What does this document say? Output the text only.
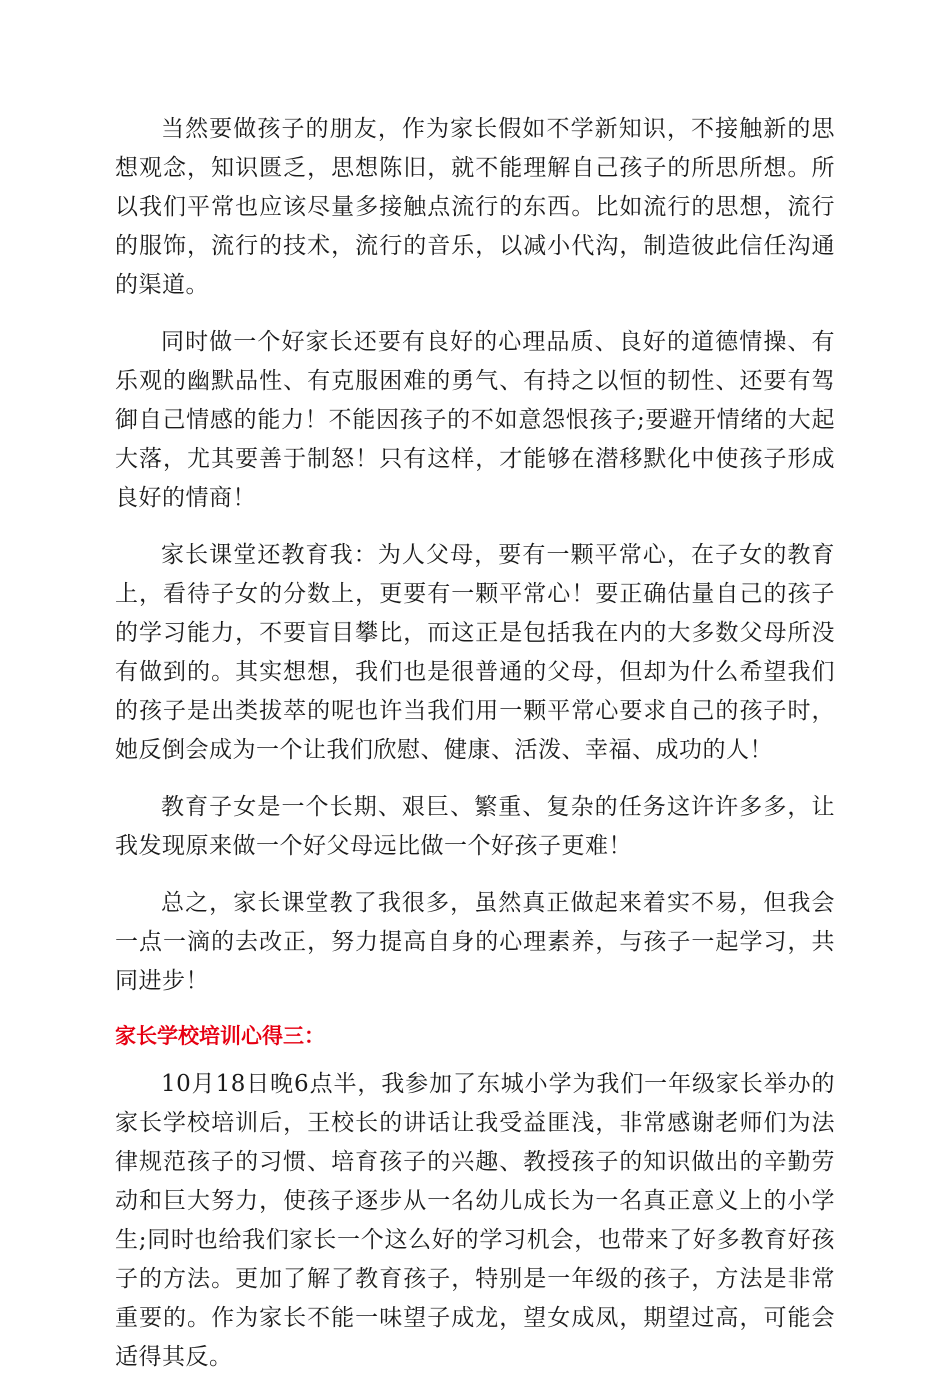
当然要做孩子的朋友，作为家长假如不学新知识，不接触新的思想观念，知识匮乏，思想陈旧，就不能理解自己孩子的所思所想。所以我们平常也应该尽量多接触点流行的东西。比如流行的思想，流行的服饰，流行的技术，流行的音乐，以减小代沟，制造彼此信任沟通的渠道。

同时做一个好家长还要有良好的心理品质、良好的道德情操、有乐观的幽默品性、有克服困难的勇气、有持之以恒的韧性、还要有驾御自己情感的能力！不能因孩子的不如意怨恨孩子;要避开情绪的大起大落，尤其要善于制怒！只有这样，才能够在潜移默化中使孩子形成良好的情商！

家长课堂还教育我：为人父母，要有一颗平常心，在子女的教育上，看待子女的分数上，更要有一颗平常心！要正确估量自己的孩子的学习能力，不要盲目攀比，而这正是包括我在内的大多数父母所没有做到的。其实想想，我们也是很普通的父母，但却为什么希望我们的孩子是出类拔萃的呢也许当我们用一颗平常心要求自己的孩子时，她反倒会成为一个让我们欣慰、健康、活泼、幸福、成功的人！

教育子女是一个长期、艰巨、繁重、复杂的任务这许许多多，让我发现原来做一个好父母远比做一个好孩子更难！

总之，家长课堂教了我很多，虽然真正做起来着实不易，但我会一点一滴的去改正，努力提高自身的心理素养，与孩子一起学习，共同进步！

家长学校培训心得三：

10月18日晚6点半，我参加了东城小学为我们一年级家长举办的家长学校培训后，王校长的讲话让我受益匪浅，非常感谢老师们为法律规范孩子的习惯、培育孩子的兴趣、教授孩子的知识做出的辛勤劳动和巨大努力，使孩子逐步从一名幼儿成长为一名真正意义上的小学生;同时也给我们家长一个这么好的学习机会，也带来了好多教育好孩子的方法。更加了解了教育孩子，特别是一年级的孩子，方法是非常重要的。作为家长不能一味望子成龙，望女成凤，期望过高，可能会适得其反。
